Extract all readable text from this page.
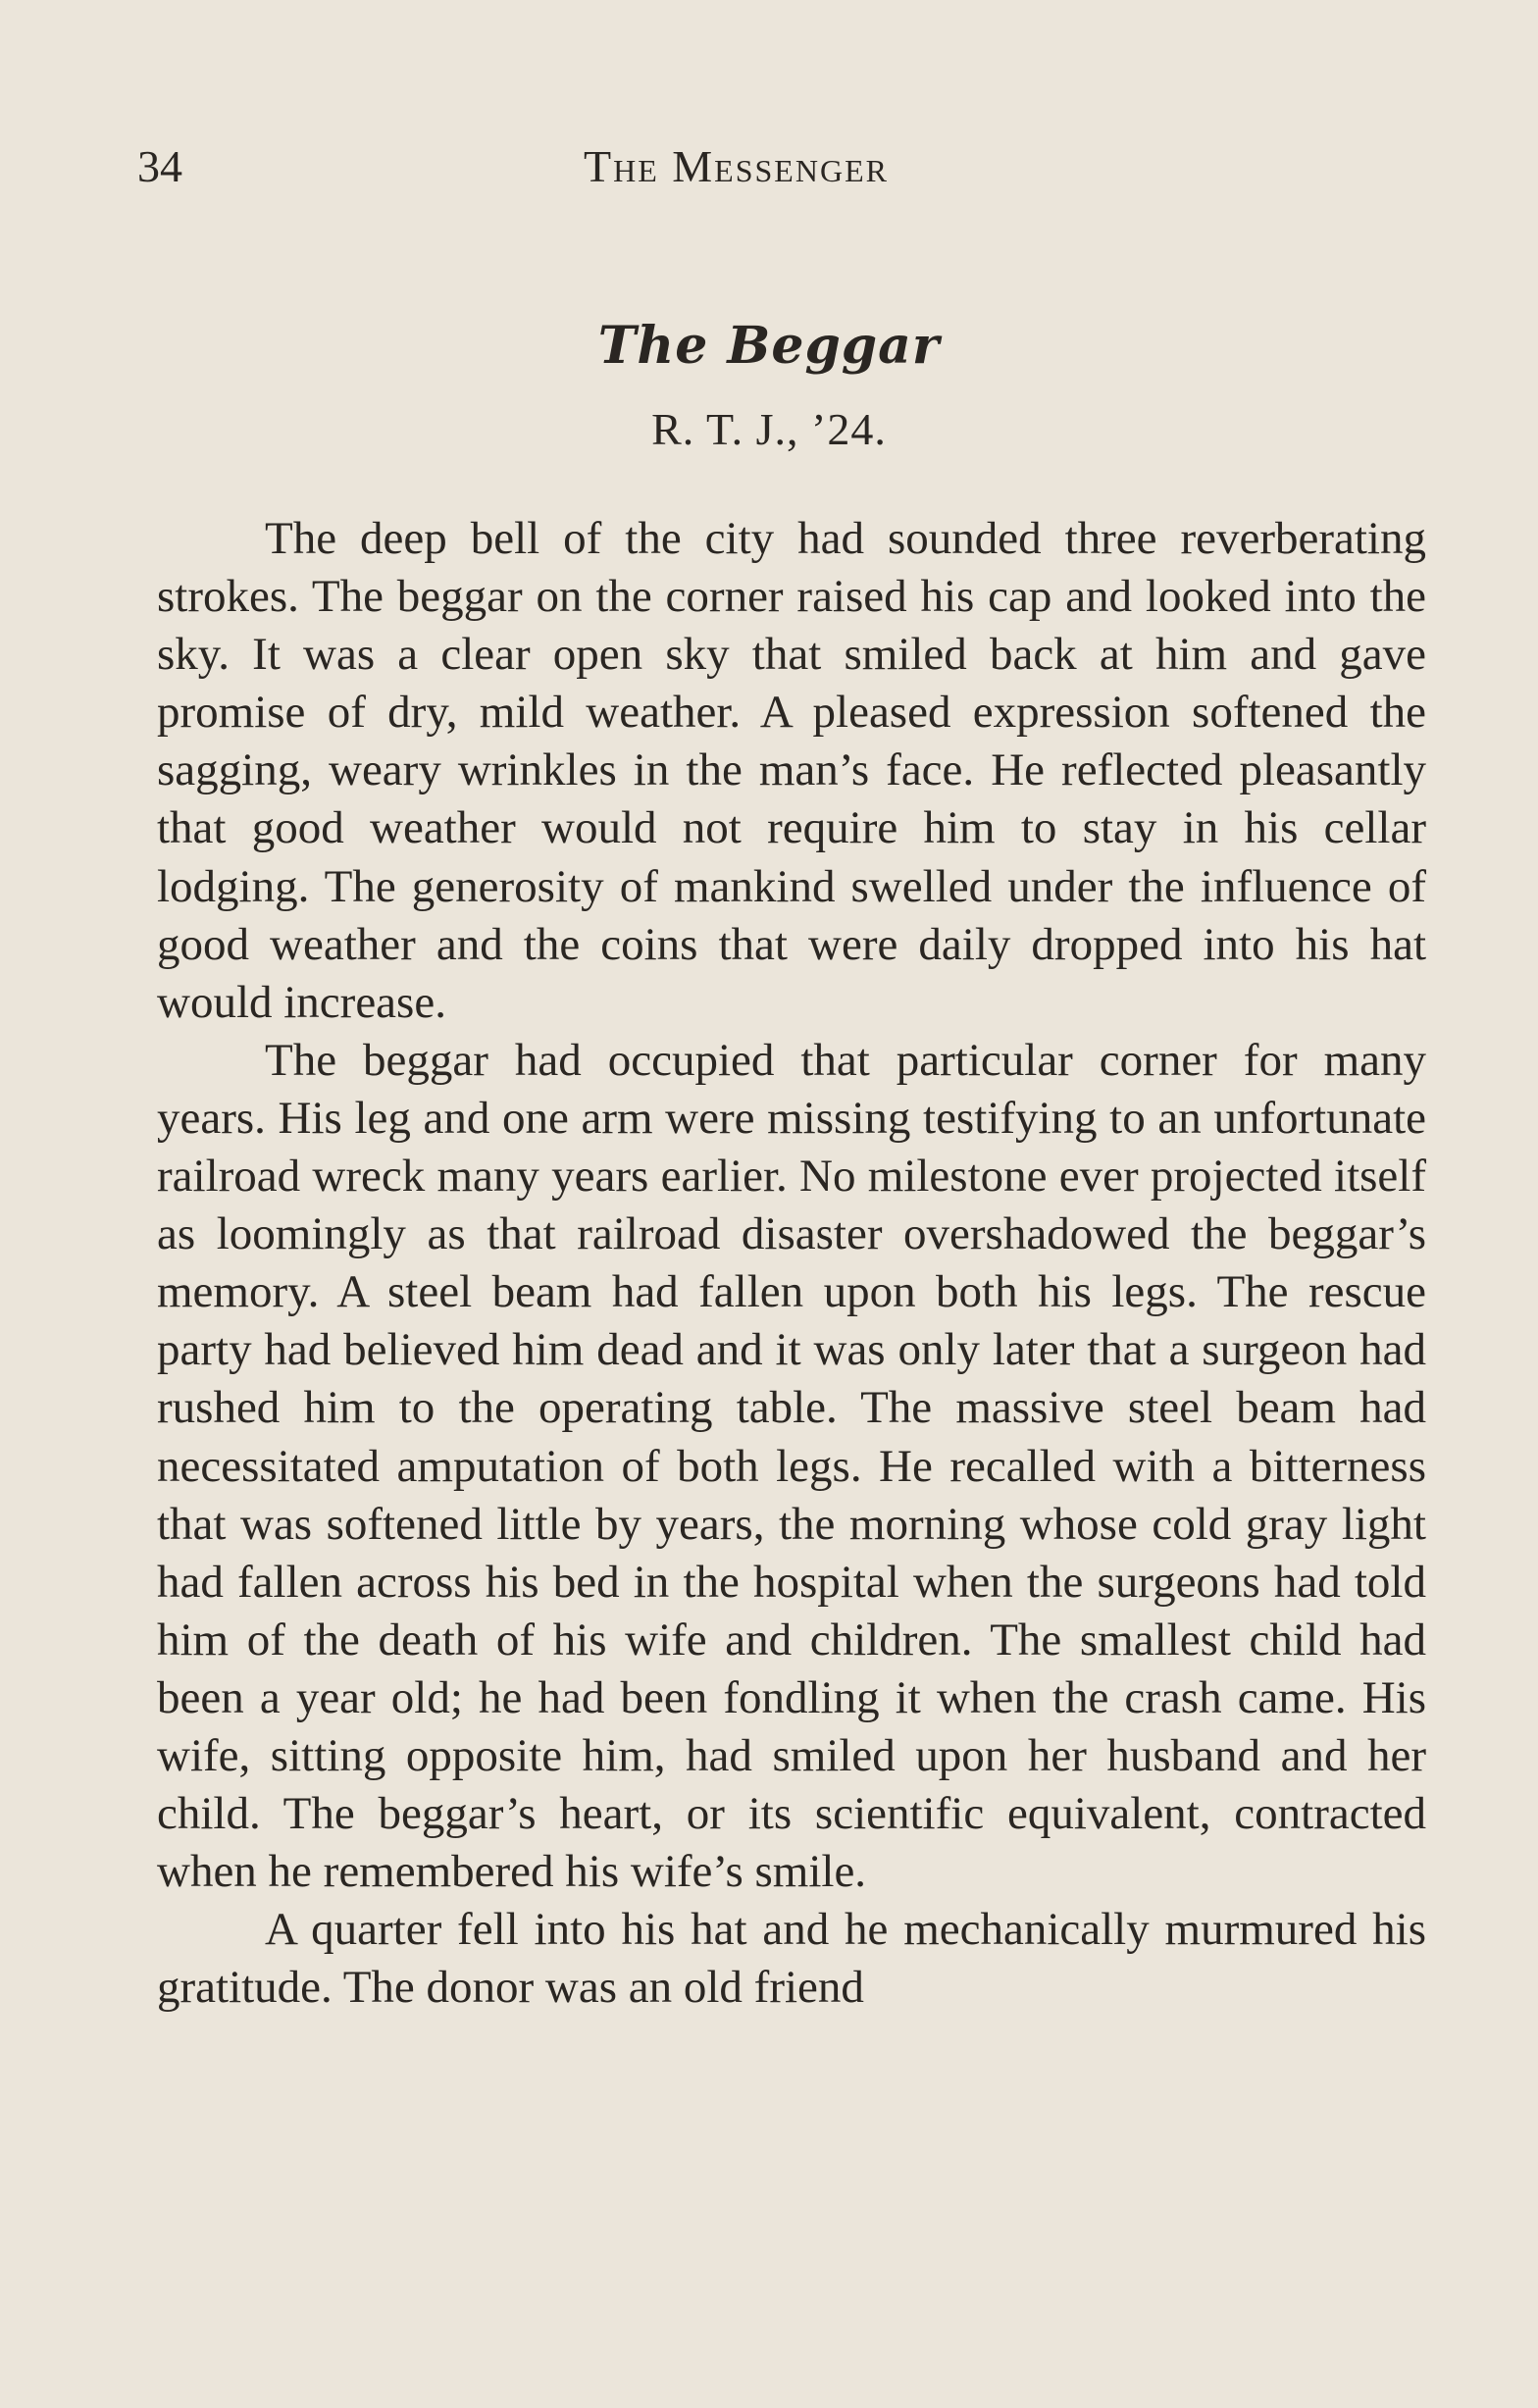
34	The Messenger
The Beggar
R. T. J., ’24.

The deep bell of the city had sounded three reverberating strokes. The beggar on the corner raised his cap and looked into the sky. It was a clear open sky that smiled back at him and gave promise of dry, mild weather. A pleased expression softened the sagging, weary wrinkles in the man’s face. He reflected pleasantly that good weather would not require him to stay in his cellar lodging. The generosity of mankind swelled under the influence of good weather and the coins that were daily dropped into his hat would increase.

The beggar had occupied that particular corner for many years. His leg and one arm were missing testifying to an unfortunate railroad wreck many years earlier. No milestone ever projected itself as loomingly as that railroad disaster overshadowed the beggar’s memory. A steel beam had fallen upon both his legs. The rescue party had believed him dead and it was only later that a surgeon had rushed him to the operating table. The massive steel beam had necessitated amputation of both legs. He recalled with a bitterness that was softened little by years, the morning whose cold gray light had fallen across his bed in the hospital when the surgeons had told him of the death of his wife and children. The smallest child had been a year old; he had been fondling it when the crash came. His wife, sitting opposite him, had smiled upon her husband and her child. The beggar’s heart, or its scientific equivalent, contracted when he remembered his wife’s smile.

A quarter fell into his hat and he mechanically murmured his gratitude. The donor was an old friend
